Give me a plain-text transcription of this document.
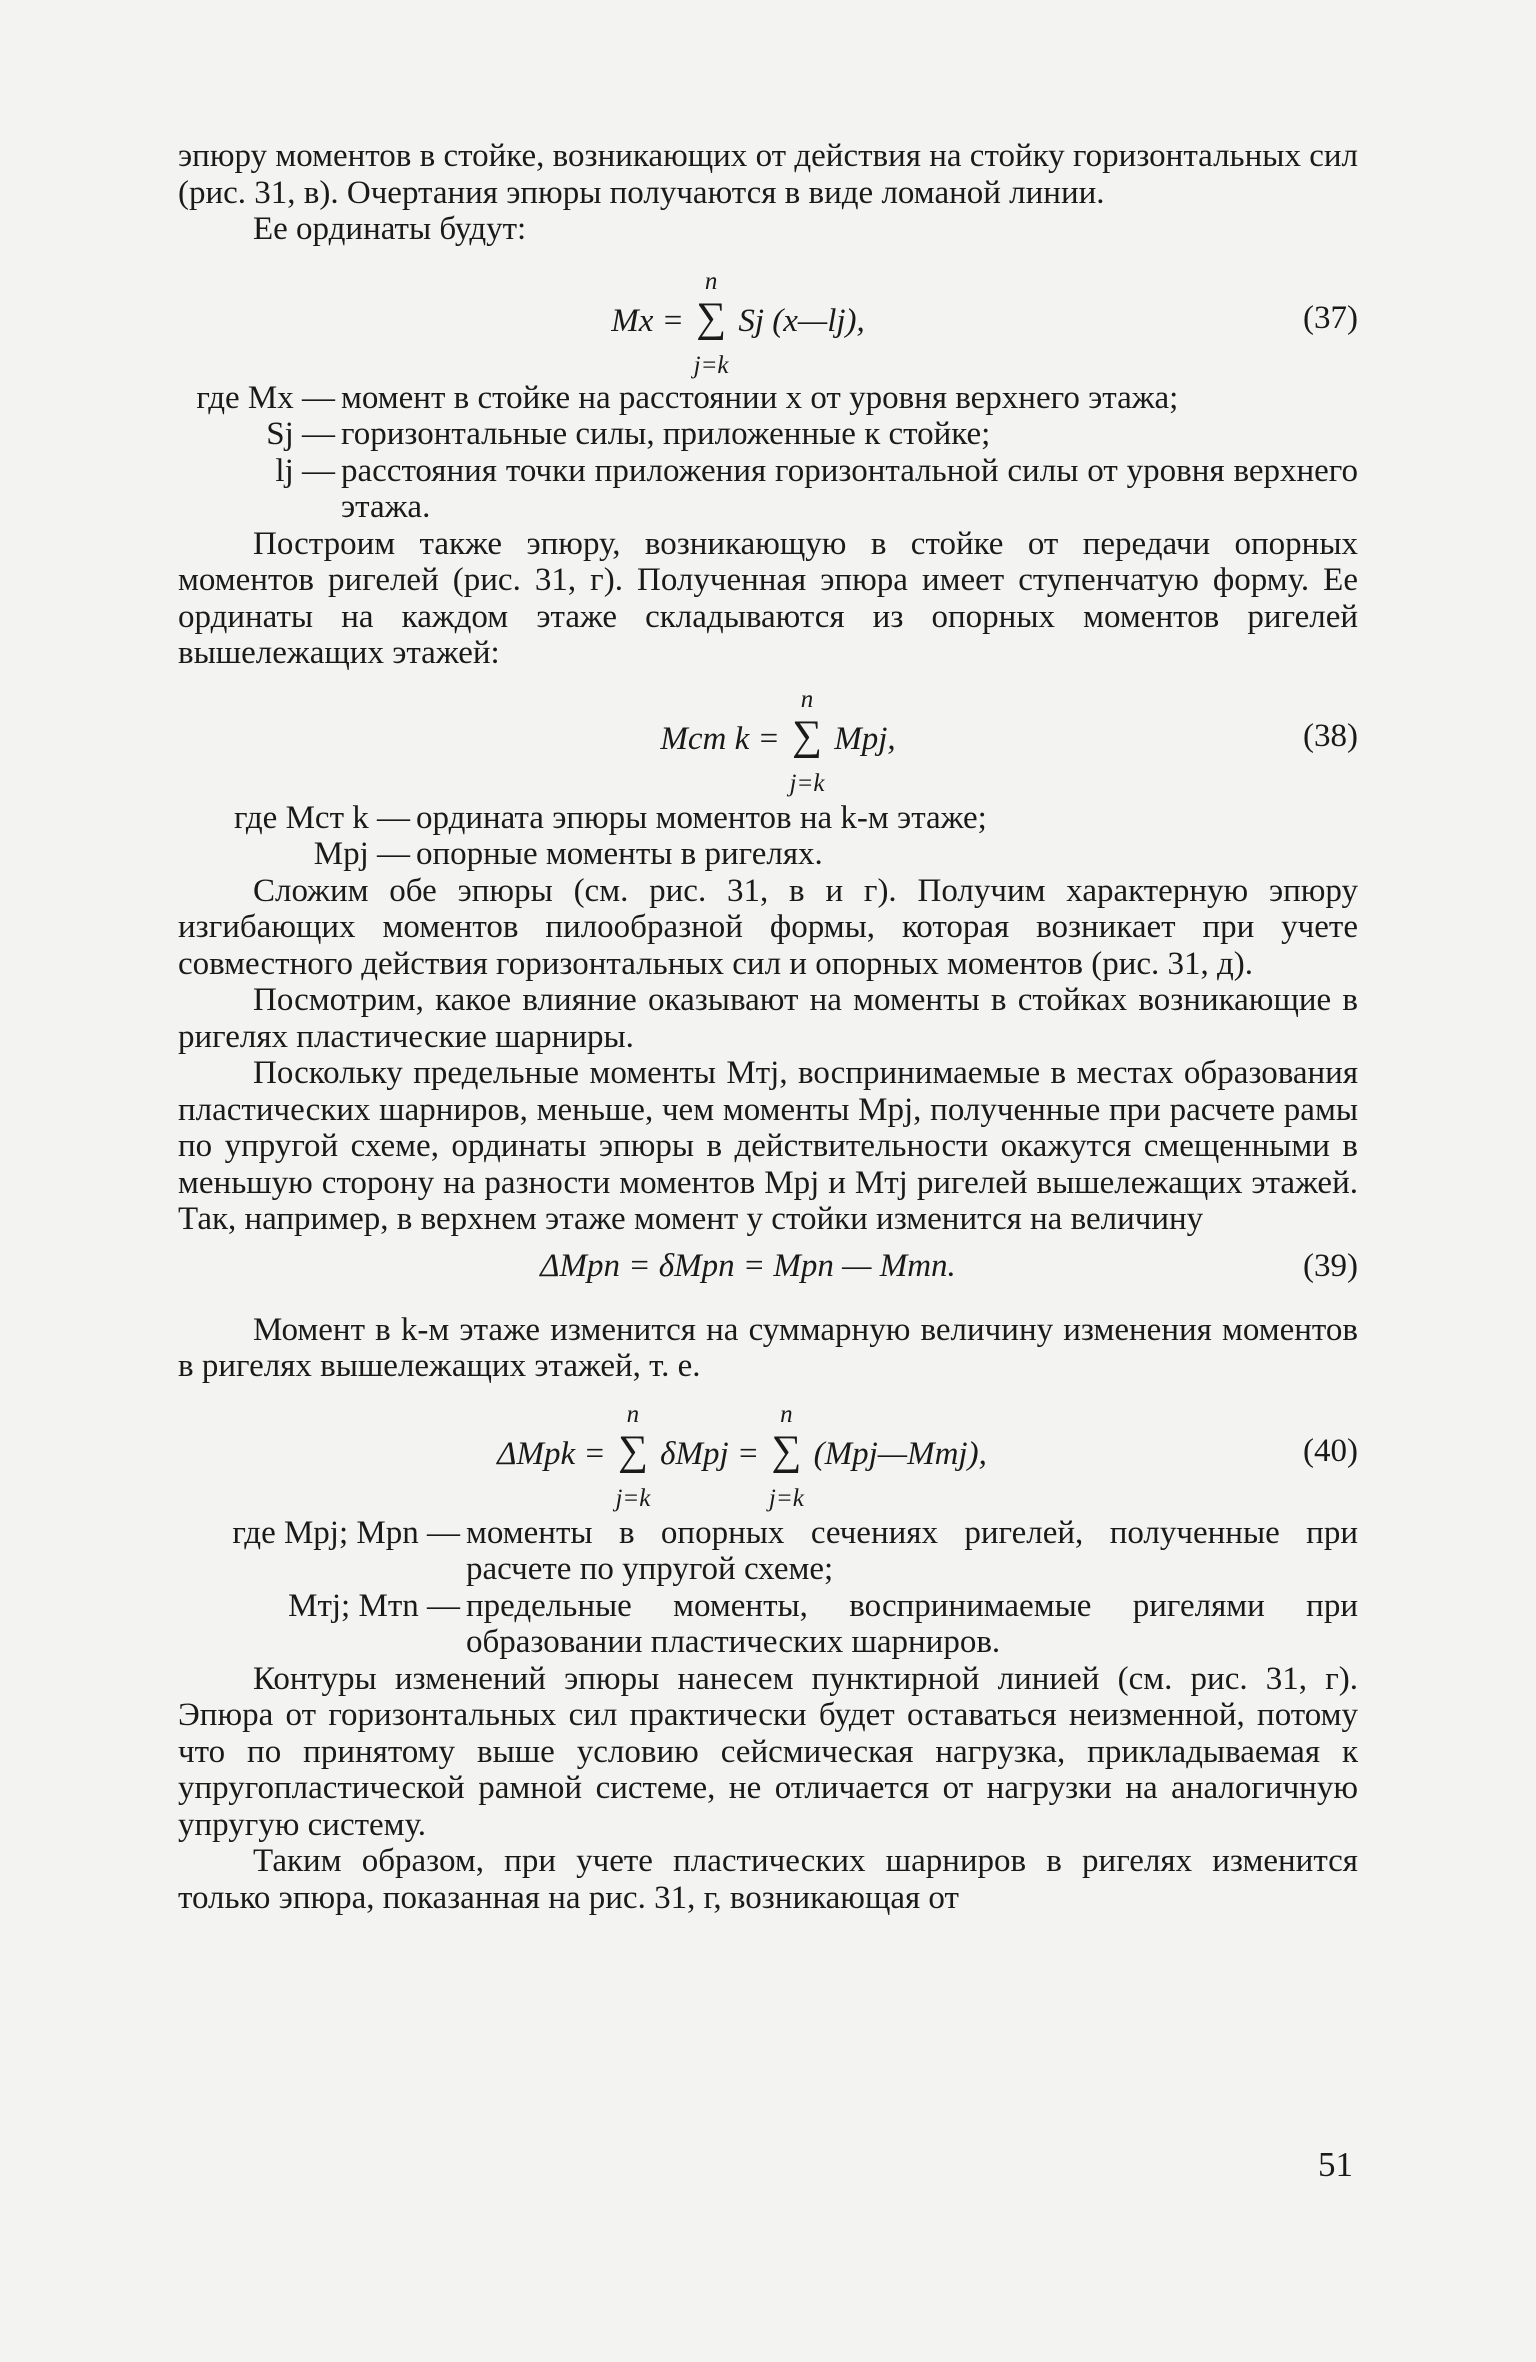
эпюру моментов в стойке, возникающих от действия на стойку горизонтальных сил (рис. 31, в). Очертания эпюры получаются в виде ломаной линии.

Ее ординаты будут:

Mx = ∑
n
j=k
Sj (x—lj),	(37)
где Mx — момент в стойке на расстоянии x от уровня верхнего этажа;
Sj — горизонтальные силы, приложенные к стойке;
lj — расстояния точки приложения горизонтальной силы от уровня верхнего этажа.

Построим также эпюру, возникающую в стойке от передачи опорных моментов ригелей (рис. 31, г). Полученная эпюра имеет ступенчатую форму. Ее ординаты на каждом этаже складываются из опорных моментов ригелей вышележащих этажей:

Mст k = ∑
n
j=k
Mpj,	(38)
где Mст k — ордината эпюры моментов на k-м этаже;
Mpj — опорные моменты в ригелях.

Сложим обе эпюры (см. рис. 31, в и г). Получим характерную эпюру изгибающих моментов пилообразной формы, которая возникает при учете совместного действия горизонтальных сил и опорных моментов (рис. 31, д).

Посмотрим, какое влияние оказывают на моменты в стойках возникающие в ригелях пластические шарниры.

Поскольку предельные моменты Mтj, воспринимаемые в местах образования пластических шарниров, меньше, чем моменты Mpj, полученные при расчете рамы по упругой схеме, ординаты эпюры в действительности окажутся смещенными в меньшую сторону на разности моментов Mpj и Mтj ригелей вышележащих этажей. Так, например, в верхнем этаже момент у стойки изменится на величину

ΔMpn = δMpn = Mpn — Mтn.	(39)

Момент в k-м этаже изменится на суммарную величину изменения моментов в ригелях вышележащих этажей, т. е.

ΔMpk = ∑
n
j=k
δMpj = ∑
n
j=k
(Mpj—Mтj),	(40)
где Mpj; Mpn — моменты в опорных сечениях ригелей, полученные при расчете по упругой схеме;
Mтj; Mтn — предельные моменты, воспринимаемые ригелями при образовании пластических шарниров.

Контуры изменений эпюры нанесем пунктирной линией (см. рис. 31, г). Эпюра от горизонтальных сил практически будет оставаться неизменной, потому что по принятому выше условию сейсмическая нагрузка, прикладываемая к упругопластической рамной системе, не отличается от нагрузки на аналогичную упругую систему.

Таким образом, при учете пластических шарниров в ригелях изменится только эпюра, показанная на рис. 31, г, возникающая от

51
